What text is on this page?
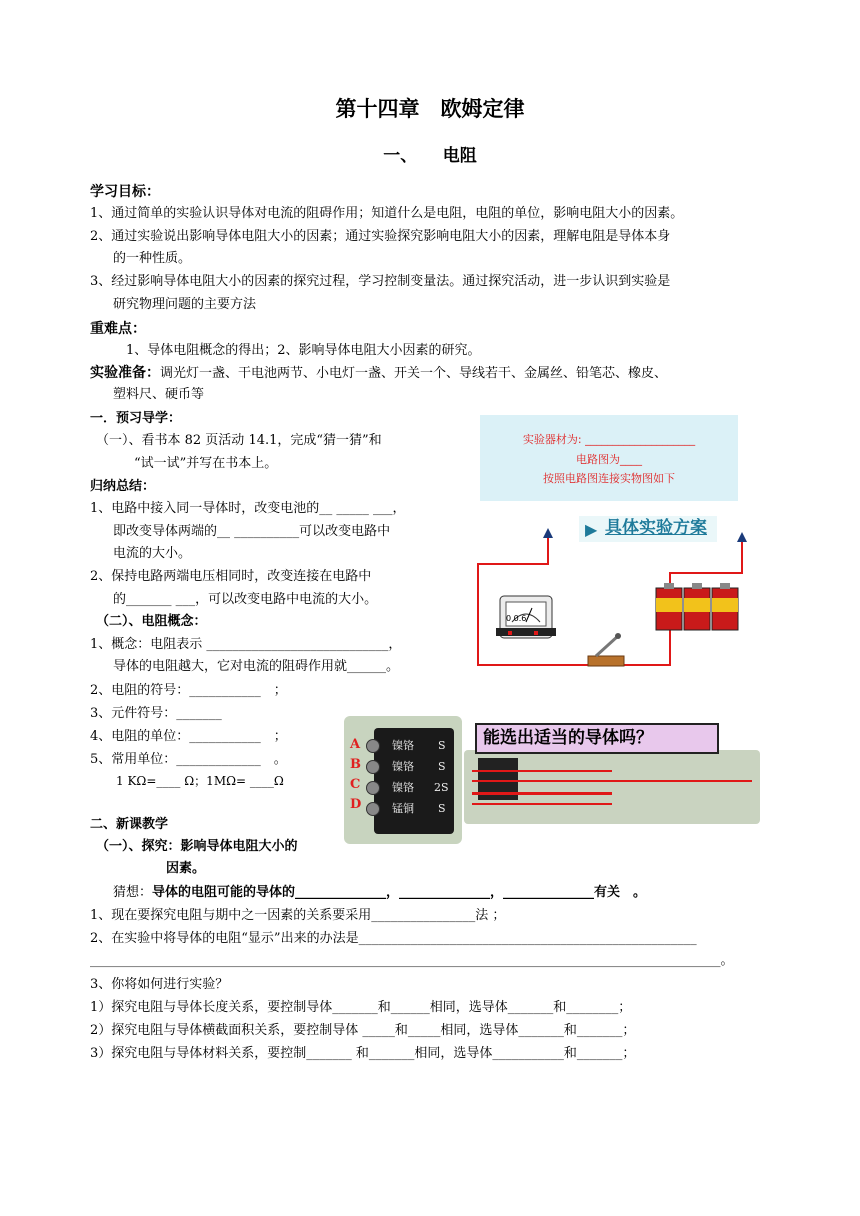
第十四章　欧姆定律
一、　　电阻
学习目标：
1、通过简单的实验认识导体对电流的阻碍作用；知道什么是电阻，电阻的单位，影响电阻大小的因素。
2、通过实验说出影响导体电阻大小的因素；通过实验探究影响电阻大小的因素，理解电阻是导体本身
的一种性质。
3、经过影响导体电阻大小的因素的探究过程，学习控制变量法。通过探究活动，进一步认识到实验是
研究物理问题的主要方法
重难点：
1、导体电阻概念的得出；2、影响导体电阻大小因素的研究。
实验准备：调光灯一盏、干电池两节、小电灯一盏、开关一个、导线若干、金属丝、铅笔芯、橡皮、
塑料尺、硬币等
一．预习导学：
（一）、看书本 82 页活动 14.1，完成“猜一猜”和
“试一试”并写在书本上。
归纳总结：
1、电路中接入同一导体时，改变电池的__ _____ ___，
即改变导体两端的__ __________可以改变电路中
电流的大小。
2、保持电路两端电压相同时，改变连接在电路中
的_______ ___，可以改变电路中电流的大小。
（二）、电阻概念：
1、概念：电阻表示 ____________________________，
导体的电阻越大，它对电流的阻碍作用就______。
2、电阻的符号：___________　；
3、元件符号：_______
4、电阻的单位：___________　；
5、常用单位：_____________　。
1 KΩ=____ Ω；1MΩ= ____Ω
二、新课教学
（一）、探究：影响导体电阻大小的
因素。
猜想：导体的电阻可能的导体的______________，______________，______________有关　。
1、现在要探究电阻与期中之一因素的关系要采用________________法 ；
2、在实验中将导体的电阻“显示”出来的办法是____________________________________________________
_________________________________________________________________________________________________。
3、你将如何进行实验？
1）探究电阻与导体长度关系，要控制导体_______和______相同，选导体_______和________；
2）探究电阻与导体横截面积关系，要控制导体 _____和_____相同，选导体_______和_______；
3）探究电阻与导体材料关系，要控制_______ 和_______相同，选导体___________和_______；
实验器材为: ____________________
电路图为____
按照电路图连接实物图如下
▶ 具体实验方案
0 0.6
A
B
C
D
镍铬
镍铬
镍铬
锰铜
S
S
2S
S
能选出适当的导体吗？
